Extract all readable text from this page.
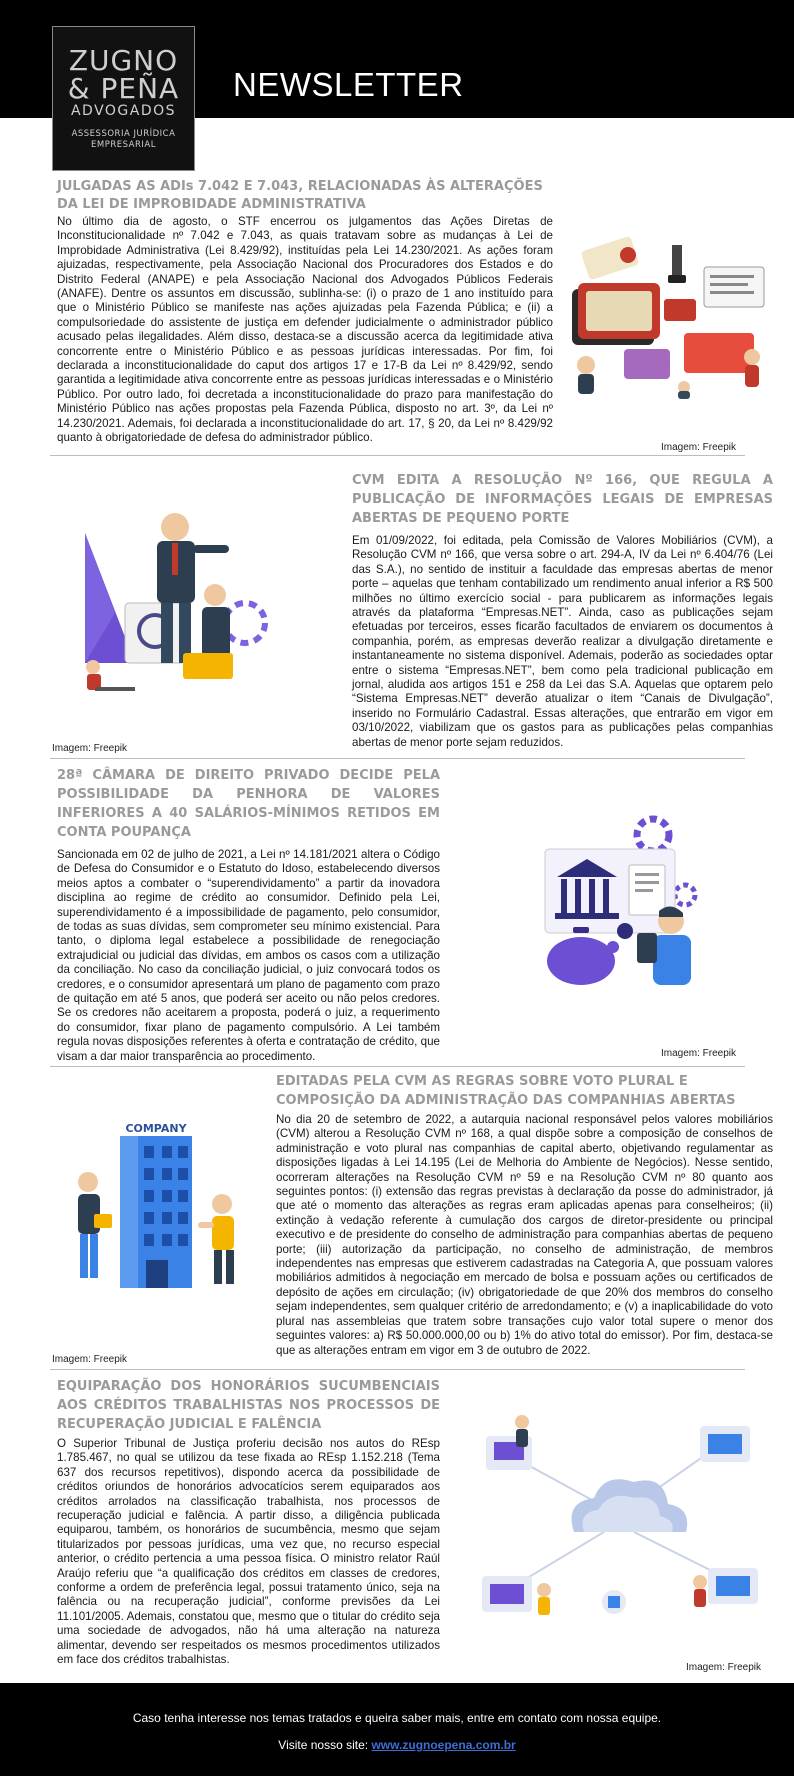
NEWSLETTER
ZUGNO
& PEÑA
ADVOGADOS
ASSESSORIA JURÍDICA
EMPRESARIAL
JULGADAS AS ADIs 7.042 E 7.043, RELACIONADAS ÀS ALTERAÇÕES DA LEI DE IMPROBIDADE ADMINISTRATIVA

No último dia de agosto, o STF encerrou os julgamentos das Ações Diretas de Inconstitucionalidade nº 7.042 e 7.043, as quais tratavam sobre as mudanças à Lei de Improbidade Administrativa (Lei 8.429/92), instituídas pela Lei 14.230/2021. As ações foram ajuizadas, respectivamente, pela Associação Nacional dos Procuradores dos Estados e do Distrito Federal (ANAPE) e pela Associação Nacional dos Advogados Públicos Federais (ANAFE). Dentre os assuntos em discussão, sublinha-se: (i) o prazo de 1 ano instituído para que o Ministério Público se manifeste nas ações ajuizadas pela Fazenda Pública; e (ii) a compulsoriedade do assistente de justiça em defender judicialmente o administrador público acusado pelas ilegalidades. Além disso, destaca-se a discussão acerca da legitimidade ativa concorrente entre o Ministério Público e as pessoas jurídicas interessadas. Por fim, foi declarada a inconstitucionalidade do caput dos artigos 17 e 17-B da Lei nº 8.429/92, sendo garantida a legitimidade ativa concorrente entre as pessoas jurídicas interessadas e o Ministério Público. Por outro lado, foi decretada a inconstitucionalidade do prazo para manifestação do Ministério Público nas ações propostas pela Fazenda Pública, disposto no art. 3º, da Lei nº 14.230/2021. Ademais, foi declarada a inconstitucionalidade do art. 17, § 20, da Lei nº 8.429/92 quanto à obrigatoriedade de defesa do administrador público.

Imagem: Freepik
Imagem: Freepik
CVM EDITA A RESOLUÇÃO Nº 166, QUE REGULA A PUBLICAÇÃO DE INFORMAÇÕES LEGAIS DE EMPRESAS ABERTAS DE PEQUENO PORTE

Em 01/09/2022, foi editada, pela Comissão de Valores Mobiliários (CVM), a Resolução CVM nº 166, que versa sobre o art. 294-A, IV da Lei nº 6.404/76 (Lei das S.A.), no sentido de instituir a faculdade das empresas abertas de menor porte – aquelas que tenham contabilizado um rendimento anual inferior a R$ 500 milhões no último exercício social - para publicarem as informações legais através da plataforma “Empresas.NET”. Ainda, caso as publicações sejam efetuadas por terceiros, esses ficarão facultados de enviarem os documentos à companhia, porém, as empresas deverão realizar a divulgação diretamente e instantaneamente no sistema disponível. Ademais, poderão as sociedades optar entre o sistema “Empresas.NET”, bem como pela tradicional publicação em jornal, aludida aos artigos 151 e 258 da Lei das S.A. Aquelas que optarem pelo “Sistema Empresas.NET” deverão atualizar o item “Canais de Divulgação”, inserido no Formulário Cadastral. Essas alterações, que entrarão em vigor em 03/10/2022, viabilizam que os gastos para as publicações pelas companhias abertas de menor porte sejam reduzidos.

28ª CÂMARA DE DIREITO PRIVADO DECIDE PELA POSSIBILIDADE DA PENHORA DE VALORES INFERIORES A 40 SALÁRIOS-MÍNIMOS RETIDOS EM CONTA POUPANÇA

Sancionada em 02 de julho de 2021, a Lei nº 14.181/2021 altera o Código de Defesa do Consumidor e o Estatuto do Idoso, estabelecendo diversos meios aptos a combater o “superendividamento” a partir da inovadora disciplina ao regime de crédito ao consumidor. Definido pela Lei, superendividamento é a impossibilidade de pagamento, pelo consumidor, de todas as suas dívidas, sem comprometer seu mínimo existencial. Para tanto, o diploma legal estabelece a possibilidade de renegociação extrajudicial ou judicial das dívidas, em ambos os casos com a utilização da conciliação. No caso da conciliação judicial, o juiz convocará todos os credores, e o consumidor apresentará um plano de pagamento com prazo de quitação em até 5 anos, que poderá ser aceito ou não pelos credores. Se os credores não aceitarem a proposta, poderá o juiz, a requerimento do consumidor, fixar plano de pagamento compulsório. A Lei também regula novas disposições referentes à oferta e contratação de crédito, que visam a dar maior transparência ao procedimento.	Imagem: Freepik
COMPANY
Imagem: Freepik
EDITADAS PELA CVM AS REGRAS SOBRE VOTO PLURAL E COMPOSIÇÃO DA ADMINISTRAÇÃO DAS COMPANHIAS ABERTAS

No dia 20 de setembro de 2022, a autarquia nacional responsável pelos valores mobiliários (CVM) alterou a Resolução CVM nº 168, a qual dispõe sobre a composição de conselhos de administração e voto plural nas companhias de capital aberto, objetivando regulamentar as disposições ligadas à Lei 14.195 (Lei de Melhoria do Ambiente de Negócios). Nesse sentido, ocorreram alterações na Resolução CVM nº 59 e na Resolução CVM nº 80 quanto aos seguintes pontos: (i) extensão das regras previstas à declaração da posse do administrador, já que até o momento das alterações as regras eram aplicadas apenas para conselheiros; (ii) extinção à vedação referente à cumulação dos cargos de diretor-presidente ou principal executivo e de presidente do conselho de administração para companhias abertas de pequeno porte; (iii) autorização da participação, no conselho de administração, de membros independentes nas empresas que estiverem cadastradas na Categoria A, que possuam valores mobiliários admitidos à negociação em mercado de bolsa e possuam ações ou certificados de depósito de ações em circulação; (iv) obrigatoriedade de que 20% dos membros do conselho sejam independentes, sem qualquer critério de arredondamento; e (v) a inaplicabilidade do voto plural nas assembleias que tratem sobre transações cujo valor total supere o menor dos seguintes valores: a) R$ 50.000.000,00 ou b) 1% do ativo total do emissor). Por fim, destaca-se que as alterações entram em vigor em 3 de outubro de 2022.

EQUIPARAÇÃO DOS HONORÁRIOS SUCUMBENCIAIS AOS CRÉDITOS TRABALHISTAS NOS PROCESSOS DE RECUPERAÇÃO JUDICIAL E FALÊNCIA

O Superior Tribunal de Justiça proferiu decisão nos autos do REsp 1.785.467, no qual se utilizou da tese fixada ao REsp 1.152.218 (Tema 637 dos recursos repetitivos), dispondo acerca da possibilidade de créditos oriundos de honorários advocatícios serem equiparados aos créditos arrolados na classificação trabalhista, nos processos de recuperação judicial e falência. A partir disso, a diligência publicada equiparou, também, os honorários de sucumbência, mesmo que sejam titularizados por pessoas jurídicas, uma vez que, no recurso especial anterior, o crédito pertencia a uma pessoa física. O ministro relator Raúl Araújo referiu que “a qualificação dos créditos em classes de credores, conforme a ordem de preferência legal, possui tratamento único, seja na falência ou na recuperação judicial”, conforme previsões da Lei 11.101/2005. Ademais, constatou que, mesmo que o titular do crédito seja uma sociedade de advogados, não há uma alteração na natureza alimentar, devendo ser respeitados os mesmos procedimentos utilizados em face dos créditos trabalhistas.

Imagem: Freepik
Caso tenha interesse nos temas tratados e queira saber mais, entre em contato com nossa equipe.
Visite nosso site: www.zugnoepena.com.br
